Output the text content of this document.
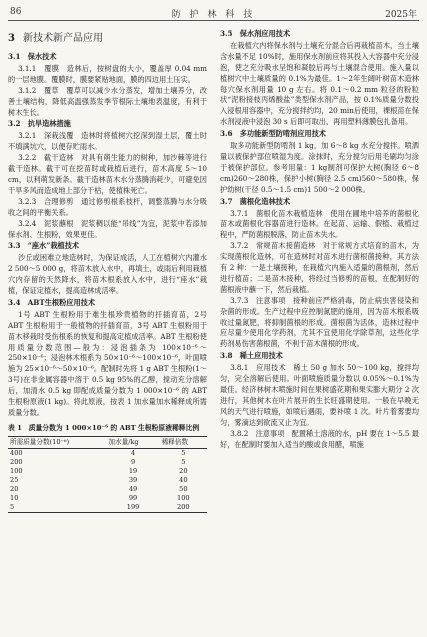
86	防 护 林 科 技	2025年
3 新技术新产品应用
3.1　保水技术

3.1.1　覆膜　造林后，按树盘的大小，覆盖厚 0.04 mm的一层地膜。覆膜时，膜要紧贴地面，膜的四边用土压实。

3.1.2　覆草　覆草可以减少水分蒸发，增加土壤养分，改善土壤结构，降低高温强蒸发季节根际土壤地表温度，有利于树木生长。

3.2　抗旱造林措施

3.2.1　深栽浅覆　造林时将植树穴挖深到湿土层，覆土时不填满坑穴，以便存贮雨水。

3.2.2　截干造林　对具有萌生能力的树种，加沙棘等进行截干造林。截干可在挖苗时或栽植后进行，苗木高度 5～10 cm，以利萌发新条。截干造林苗木水分蒸腾消耗少，可避免因干旱多风而造成地上部分干枯，使植株死亡。

3.2.3　合理修剪　通过修剪根系枝杆，调整蒸腾与水分吸收之间的平衡关系。

3.2.4　泥浆蘸根　泥浆稠以能“吊线”为宜，泥浆中若添加保水剂、生根粉，效果更佳。

3.3　“座水”栽植技术

沙丘或困难立地造林时，为保证成活，人工在植树穴内灌水 2 500～5 000 g，将苗木放入水中，再填土，或雨后利用栽植穴内存留的天然降水，将苗木根系放入水中，进行“座水”栽植，保证定植水，提高造林成活率。

3.4　ABT生根粉应用技术

1号 ABT 生根粉用于难生根珍贵植物的扦插育苗，2号 ABT 生根粉用于一般植物的扦插育苗，3号 ABT 生根粉用于苗木移栽时受伤根系的恢复和提高定植成活率。ABT 生根粉使用质量分数范围—般为：浸泡插条为 100×10⁻⁶～250×10⁻⁶；浸泡林木根系为 50×10⁻⁶～100×10⁻⁶，叶面喷施为 25×10⁻⁶～50×10⁻⁶。配制时先将 1 g ABT 生根粉(1～3号)在非金属容器中溶于 0.5 kg 95%的乙醇，搅动充分溶解后，加清水 0.5 kg 即配成质量分数为 1 000×10⁻⁶ 的 ABT 生根粉原液(1 kg)。将此原液，按表 1 加水量加水稀释成所需质量分数。

表 1　质量分数为 1 000×10⁻⁶ 的 ABT 生根粉原液稀释比例
所需质量分数(10⁻⁶)	加水量/kg	稀释倍数
400	4	5
200	9	5
100	19	20
25	39	40
20	49	50
10	99	100
5	199	200
3.5　保水剂应用技术

在栽植穴内将保水剂与土壤充分混合后再栽植苗木，当土壤含水量不足 10%时，施用保水剂前应将其投入大容器中充分浸泡，使之充分吸水呈饱和凝胶后再与土壤混合使用。施入量以植树穴中土壤质量的 0.1%为最佳。1～2年生阔叶树苗木造林每穴保水剂用量 10 g 左右。将 0.1～0.2 mm 粒径的粉粒状“泥粉接枝丙烯酸盐”类型保水剂产品，按 0.1%质量分数投入浸根用容器中，充分搅拌约均，20 min后使用，裸根苗在保水剂浸液中浸泡 30 s 后即可取出，再用塑料薄膜包扎备用。

3.6　多功能新型防啃剂应用技术

取多功能新型防啃剂 1 kg，加 6～8 kg 水充分搅拌。喷洒量以被保护部位喷湿为度。涂抹时，充分搅匀后用毛刷均匀涂于被保护部位。参考用量：1 kg制剂可保护大树(胸径 6～8 cm)260～280株，保护小树(胸径 2.5 cm)560～580株，保护幼树(干径 0.5～1.5 cm)1 500～2 000株。

3.7　菌根化造林技术

3.7.1　菌根化苗木栽植造林　使用在圃地中培养的菌根化苗木或菌根化容器苗进行造林。在起苗、运输、假植、栽植过程中，严防菌根脱落，防止苗木失水。

3.7.2　常规苗木接菌造林　对于常规方式培育的苗木，为实现菌根化造林，可在造林时对苗木进行菌根菌接种，其方法有 2 种：一是土壤接种，在栽植穴内施入适量的菌根剂，然后进行植苗；二是苗木接种，将经过当修剪的苗根，在配制好的菌根液中蘸一下，然后栽植。

3.7.3　注意事项　接种前应严格消毒，防止病虫害侵染和杂菌的形成。生产过程中应控制氮肥的施用，因为苗木根系吸收过量氮肥，将抑制菌根的形成。菌根菌为活体，造林过程中应尽量少使用化学药剂，尤其不宜使用化学除草剂，这些化学药剂易伤害菌根菌，不利于苗木菌根的形成。

3.8　稀土应用技术

3.8.1　应用技术　稀土 50 g 加水 50～100 kg，搅拌均匀，完全溶解后使用。叶面喷施质量分数以 0.05%～0.1%为最佳。经济林树木喷施时间在果树盛花期和果实膨大期分 2 次进行，其他树木在叶片展开的生长旺盛期使用。一般在早晚无风的天气进行喷施，如喷后遇雨，要补喷 1 次。叶片着雾要均匀，雾滴达到欲流又止为宜。

3.8.2　注意事项　配置稀土溶液的水，pH 要在 1～5.5 最好，在配制时要加入适当的酸或食用醋，喷施
